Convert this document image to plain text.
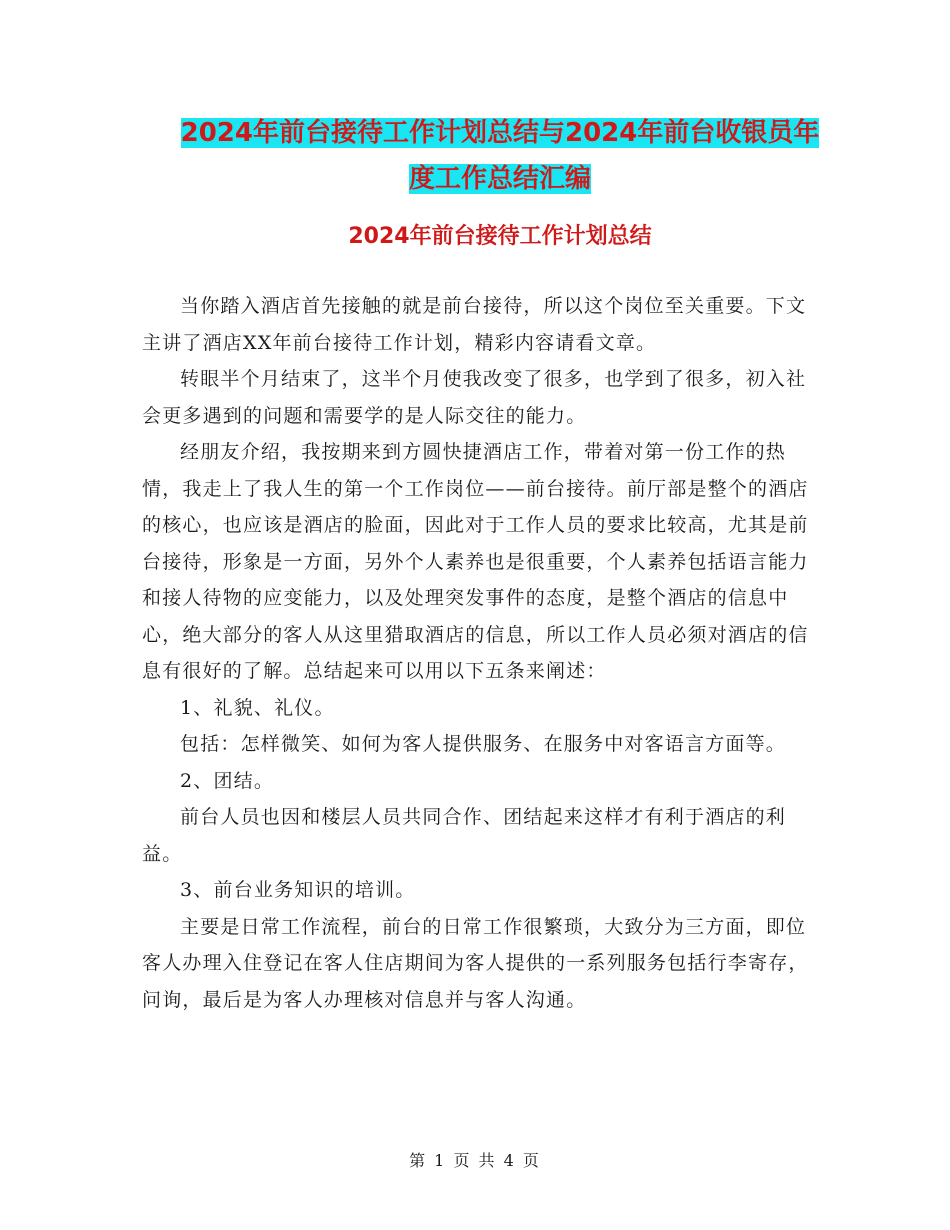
2024年前台接待工作计划总结与2024年前台收银员年
度工作总结汇编
2024年前台接待工作计划总结

当你踏入酒店首先接触的就是前台接待，所以这个岗位至关重要。下文主讲了酒店XX年前台接待工作计划，精彩内容请看文章。

转眼半个月结束了，这半个月使我改变了很多，也学到了很多，初入社会更多遇到的问题和需要学的是人际交往的能力。

经朋友介绍，我按期来到方圆快捷酒店工作，带着对第一份工作的热情，我走上了我人生的第一个工作岗位——前台接待。前厅部是整个的酒店的核心，也应该是酒店的脸面，因此对于工作人员的要求比较高，尤其是前台接待，形象是一方面，另外个人素养也是很重要，个人素养包括语言能力和接人待物的应变能力，以及处理突发事件的态度，是整个酒店的信息中心，绝大部分的客人从这里猎取酒店的信息，所以工作人员必须对酒店的信息有很好的了解。总结起来可以用以下五条来阐述：

1、礼貌、礼仪。

包括：怎样微笑、如何为客人提供服务、在服务中对客语言方面等。

2、团结。

前台人员也因和楼层人员共同合作、团结起来这样才有利于酒店的利益。

3、前台业务知识的培训。

主要是日常工作流程，前台的日常工作很繁琐，大致分为三方面，即位客人办理入住登记在客人住店期间为客人提供的一系列服务包括行李寄存，问询，最后是为客人办理核对信息并与客人沟通。

第 1 页 共 4 页
